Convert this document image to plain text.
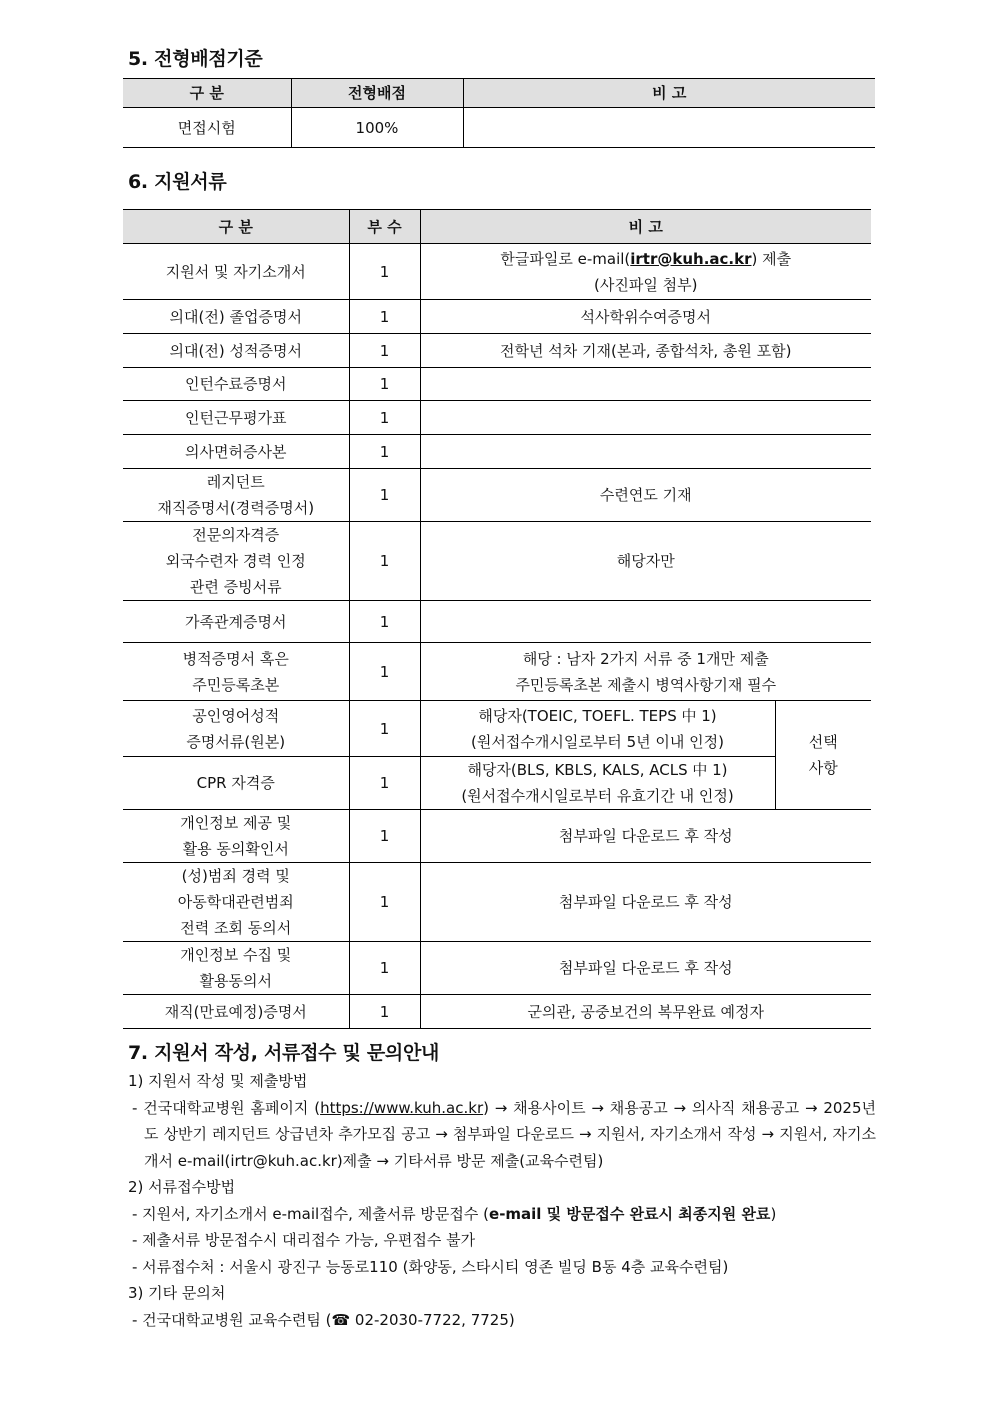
5. 전형배점기준
구 분	전형배점	비 고
면접시험	100%	
6. 지원서류
구 분	부 수	비 고	
지원서 및 자기소개서	1	한글파일로 e-mail(irtr@kuh.ac.kr) 제출
(사진파일 첨부)	
의대(전) 졸업증명서	1	석사학위수여증명서	
의대(전) 성적증명서	1	전학년 석차 기재(본과, 종합석차, 총원 포함)	
인턴수료증명서	1		
인턴근무평가표	1		
의사면허증사본	1		
레지던트
재직증명서(경력증명서)	1	수련연도 기재	
전문의자격증
외국수련자 경력 인정
관련 증빙서류	1	해당자만	
가족관계증명서	1		
병적증명서 혹은
주민등록초본	1	해당 : 남자 2가지 서류 중 1개만 제출
주민등록초본 제출시 병역사항기재 필수	
공인영어성적
증명서류(원본)	1	해당자(TOEIC, TOEFL. TEPS 中 1)
(원서접수개시일로부터 5년 이내 인정)	선택
사항
CPR 자격증	1	해당자(BLS, KBLS, KALS, ACLS 中 1)
(원서접수개시일로부터 유효기간 내 인정)	
개인정보 제공 및
활용 동의확인서	1	첨부파일 다운로드 후 작성	
(성)범죄 경력 및
아동학대관련범죄
전력 조회 동의서	1	첨부파일 다운로드 후 작성	
개인정보 수집 및
활용동의서	1	첨부파일 다운로드 후 작성	
재직(만료예정)증명서	1	군의관, 공중보건의 복무완료 예정자	
7. 지원서 작성, 서류접수 및 문의안내

1) 지원서 작성 및 제출방법

- 건국대학교병원 홈페이지 (https://www.kuh.ac.kr) → 채용사이트 → 채용공고 → 의사직 채용공고 → 2025년도 상반기 레지던트 상급년차 추가모집 공고 → 첨부파일 다운로드 → 지원서, 자기소개서 작성 → 지원서, 자기소개서 e-mail(irtr@kuh.ac.kr)제출 → 기타서류 방문 제출(교육수련팀)

2) 서류접수방법

- 지원서, 자기소개서 e-mail접수, 제출서류 방문접수 (e-mail 및 방문접수 완료시 최종지원 완료)

- 제출서류 방문접수시 대리접수 가능, 우편접수 불가

- 서류접수처 : 서울시 광진구 능동로110 (화양동, 스타시티 영존 빌딩 B동 4층 교육수련팀)

3) 기타 문의처

- 건국대학교병원 교육수련팀 (☎ 02-2030-7722, 7725)
